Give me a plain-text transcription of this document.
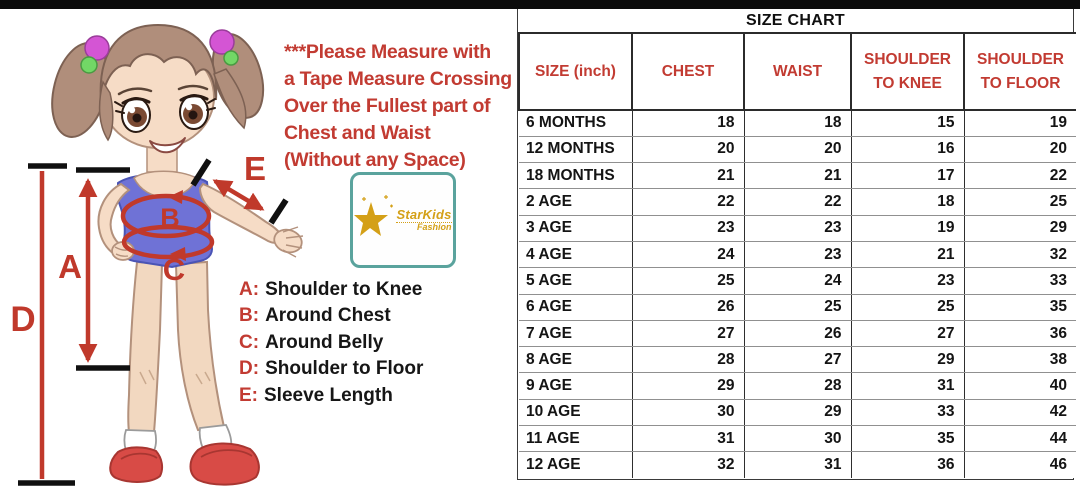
A
B
C
D
E
***Please Measure with
a Tape Measure Crossing
Over the Fullest part of
Chest and Waist
(Without any Space)
StarKids
Fashion
A: Shoulder to Knee
B: Around Chest
C: Around Belly
D: Shoulder to Floor
E: Sleeve Length
SIZE CHART
SIZE (inch)	CHEST	WAIST	SHOULDER TO KNEE	SHOULDER TO FLOOR
6 MONTHS	18	18	15	19
12 MONTHS	20	20	16	20
18 MONTHS	21	21	17	22
2 AGE	22	22	18	25
3 AGE	23	23	19	29
4 AGE	24	23	21	32
5 AGE	25	24	23	33
6 AGE	26	25	25	35
7 AGE	27	26	27	36
8 AGE	28	27	29	38
9 AGE	29	28	31	40
10 AGE	30	29	33	42
11 AGE	31	30	35	44
12 AGE	32	31	36	46
